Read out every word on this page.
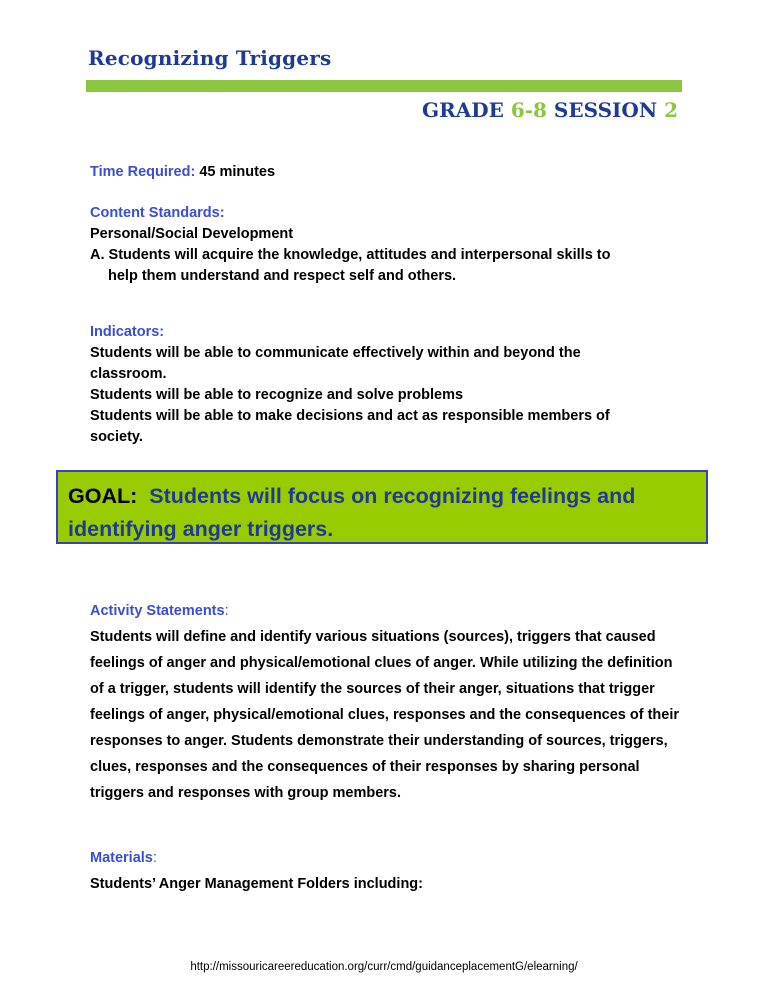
Recognizing Triggers
GRADE 6-8 SESSION 2

Time Required: 45 minutes

Content Standards:
Personal/Social Development
A. Students will acquire the knowledge, attitudes and interpersonal skills to
help them understand and respect self and others.
Indicators:
Students will be able to communicate effectively within and beyond the
classroom.
Students will be able to recognize and solve problems
Students will be able to make decisions and act as responsible members of
society.
GOAL: Students will focus on recognizing feelings and identifying anger triggers.
Activity Statements:
Students will define and identify various situations (sources), triggers that caused feelings of anger and physical/emotional clues of anger. While utilizing the definition of a trigger, students will identify the sources of their anger, situations that trigger feelings of anger, physical/emotional clues, responses and the consequences of their responses to anger. Students demonstrate their understanding of sources, triggers, clues, responses and the consequences of their responses by sharing personal triggers and responses with group members.
Materials:
Students’ Anger Management Folders including:
http://missouricareereducation.org/curr/cmd/guidanceplacementG/elearning/
